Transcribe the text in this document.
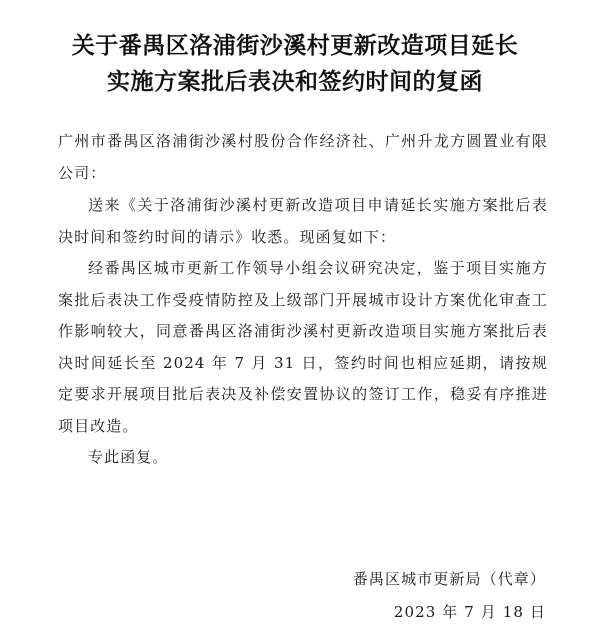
关于番禺区洛浦街沙溪村更新改造项目延长
实施方案批后表决和签约时间的复函
广州市番禺区洛浦街沙溪村股份合作经济社、广州升龙方圆置业有限公司：
送来《关于洛浦街沙溪村更新改造项目申请延长实施方案批后表决时间和签约时间的请示》收悉。现函复如下：
经番禺区城市更新工作领导小组会议研究决定，鉴于项目实施方案批后表决工作受疫情防控及上级部门开展城市设计方案优化审查工作影响较大，同意番禺区洛浦街沙溪村更新改造项目实施方案批后表决时间延长至 2024 年 7 月 31 日，签约时间也相应延期，请按规定要求开展项目批后表决及补偿安置协议的签订工作，稳妥有序推进项目改造。
专此函复。
番禺区城市更新局（代章）
2023 年 7 月 18 日
